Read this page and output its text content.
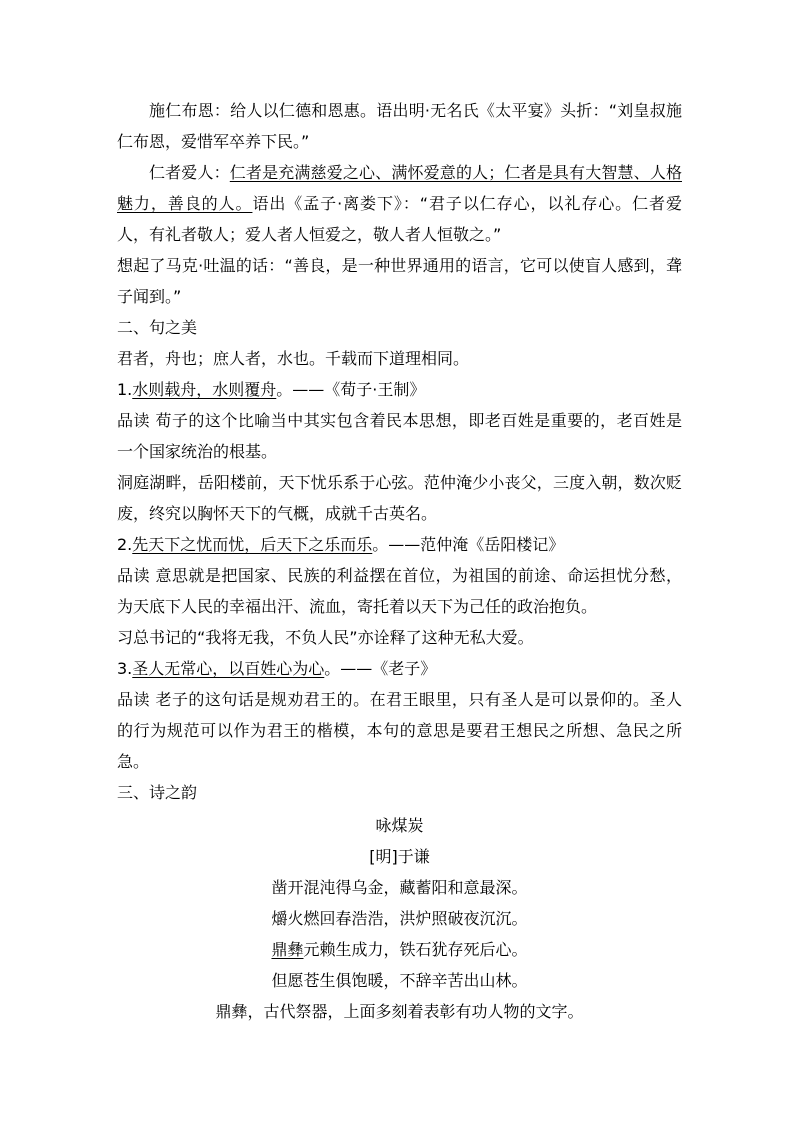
施仁布恩：给人以仁德和恩惠。语出明·无名氏《太平宴》头折：“刘皇叔施仁布恩，爱惜军卒养下民。”

仁者爱人：仁者是充满慈爱之心、满怀爱意的人；仁者是具有大智慧、人格魅力，善良的人。语出《孟子·离娄下》：“君子以仁存心，以礼存心。仁者爱人，有礼者敬人；爱人者人恒爱之，敬人者人恒敬之。”

想起了马克·吐温的话：“善良，是一种世界通用的语言，它可以使盲人感到，聋子闻到。”

二、句之美

君者，舟也；庶人者，水也。千载而下道理相同。

1.水则载舟，水则覆舟。——《荀子·王制》

品读 荀子的这个比喻当中其实包含着民本思想，即老百姓是重要的，老百姓是一个国家统治的根基。

洞庭湖畔，岳阳楼前，天下忧乐系于心弦。范仲淹少小丧父，三度入朝，数次贬废，终究以胸怀天下的气概，成就千古英名。

2.先天下之忧而忧，后天下之乐而乐。——范仲淹《岳阳楼记》

品读 意思就是把国家、民族的利益摆在首位，为祖国的前途、命运担忧分愁，为天底下人民的幸福出汗、流血，寄托着以天下为己任的政治抱负。

习总书记的“我将无我，不负人民”亦诠释了这种无私大爱。

3.圣人无常心，以百姓心为心。——《老子》

品读 老子的这句话是规劝君王的。在君王眼里，只有圣人是可以景仰的。圣人的行为规范可以作为君王的楷模，本句的意思是要君王想民之所想、急民之所急。

三、诗之韵

咏煤炭

[明]于谦

凿开混沌得乌金，藏蓄阳和意最深。

爝火燃回春浩浩，洪炉照破夜沉沉。

鼎彝元赖生成力，铁石犹存死后心。

但愿苍生俱饱暖，不辞辛苦出山林。

鼎彝，古代祭器，上面多刻着表彰有功人物的文字。
